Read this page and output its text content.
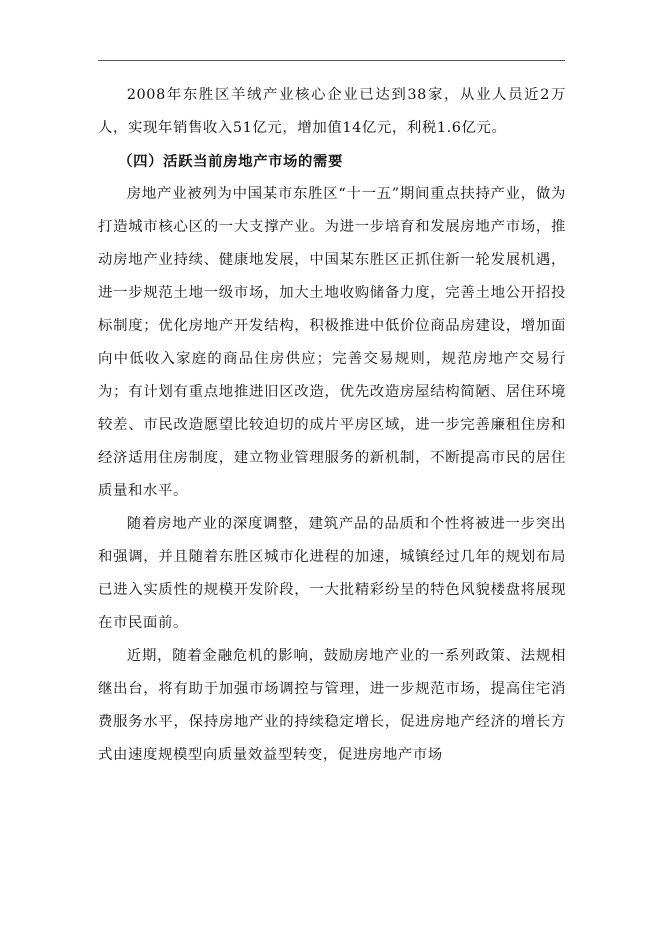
2008年东胜区羊绒产业核心企业已达到38家，从业人员近2万人，实现年销售收入51亿元，增加值14亿元，利税1.6亿元。

（四）活跃当前房地产市场的需要

房地产业被列为中国某市东胜区“十一五”期间重点扶持产业，做为打造城市核心区的一大支撑产业。为进一步培育和发展房地产市场，推动房地产业持续、健康地发展，中国某东胜区正抓住新一轮发展机遇，进一步规范土地一级市场，加大土地收购储备力度，完善土地公开招投标制度；优化房地产开发结构，积极推进中低价位商品房建设，增加面向中低收入家庭的商品住房供应；完善交易规则，规范房地产交易行为；有计划有重点地推进旧区改造，优先改造房屋结构简陋、居住环境较差、市民改造愿望比较迫切的成片平房区域，进一步完善廉租住房和经济适用住房制度，建立物业管理服务的新机制，不断提高市民的居住质量和水平。

随着房地产业的深度调整，建筑产品的品质和个性将被进一步突出和强调，并且随着东胜区城市化进程的加速，城镇经过几年的规划布局已进入实质性的规模开发阶段，一大批精彩纷呈的特色风貌楼盘将展现在市民面前。

近期，随着金融危机的影响，鼓励房地产业的一系列政策、法规相继出台，将有助于加强市场调控与管理，进一步规范市场，提高住宅消费服务水平，保持房地产业的持续稳定增长，促进房地产经济的增长方式由速度规模型向质量效益型转变，促进房地产市场
